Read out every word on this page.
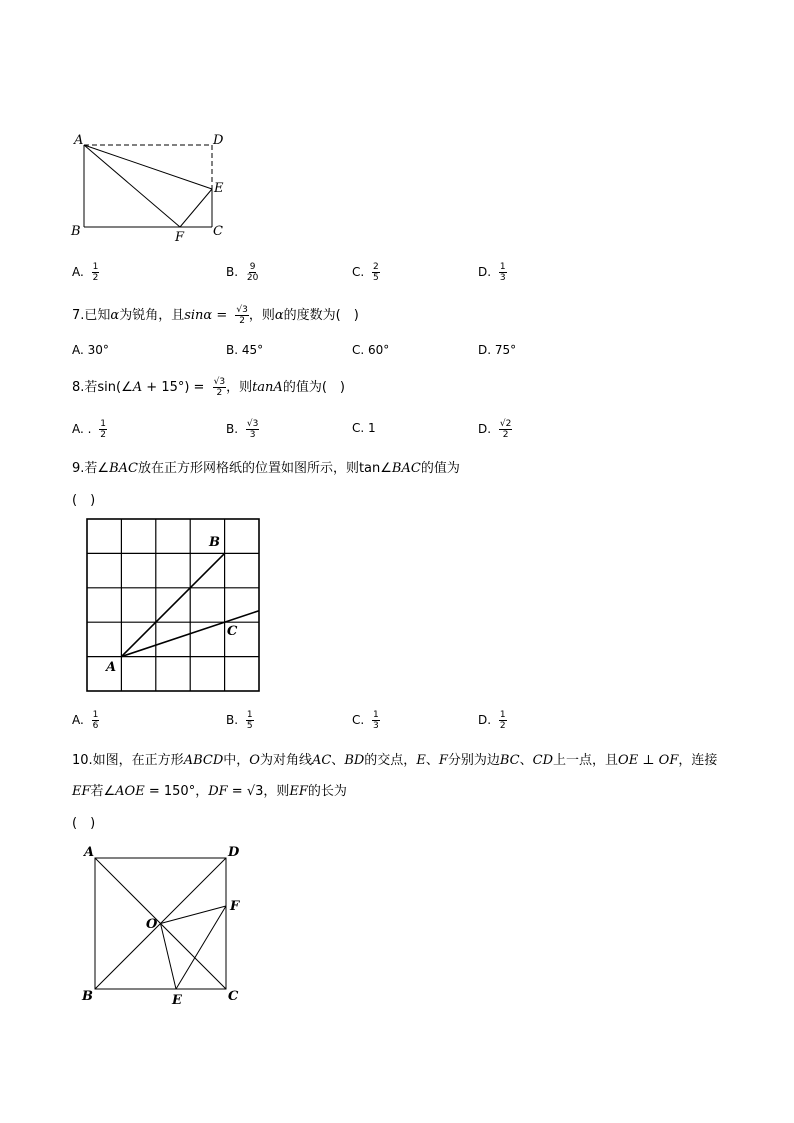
A	D
E
B	F C
A. $\frac{1}{2}$	B. $\frac{9}{20}$	C. $\frac{2}{5}$	D. $\frac{1}{3}$
7.已知α为锐角，且$\sin\alpha = \frac{√3}{2}$ ，则α的度数为(　)
A. 30°	B. 45°	C. 60°	D. 75°
8.若sin(∠A + $15^\circ) = \frac{√3}{2}$ ，则tanA的值为(　)
A. . $\frac{1}{2}$	B. $\frac{√3}{3}$	C. 1	D. $\frac{√2}{2}$
9.若∠BAC放在正方形网格纸的位置如图所示，则tan∠BAC的值为
(　)
B
C
A
A. $\frac{1}{6}$	B. $\frac{1}{5}$	C. $\frac{1}{3}$	D. $\frac{1}{2}$
10.如图，在正方形ABCD中，O为对角线AC、BD的交点，E、F分别为边BC、CD上一点，且OE ⊥ OF，连接
EF若∠AOE = 150°，DF = √3，则EF的长为
(　)
A	D
F
O
B	E	C
